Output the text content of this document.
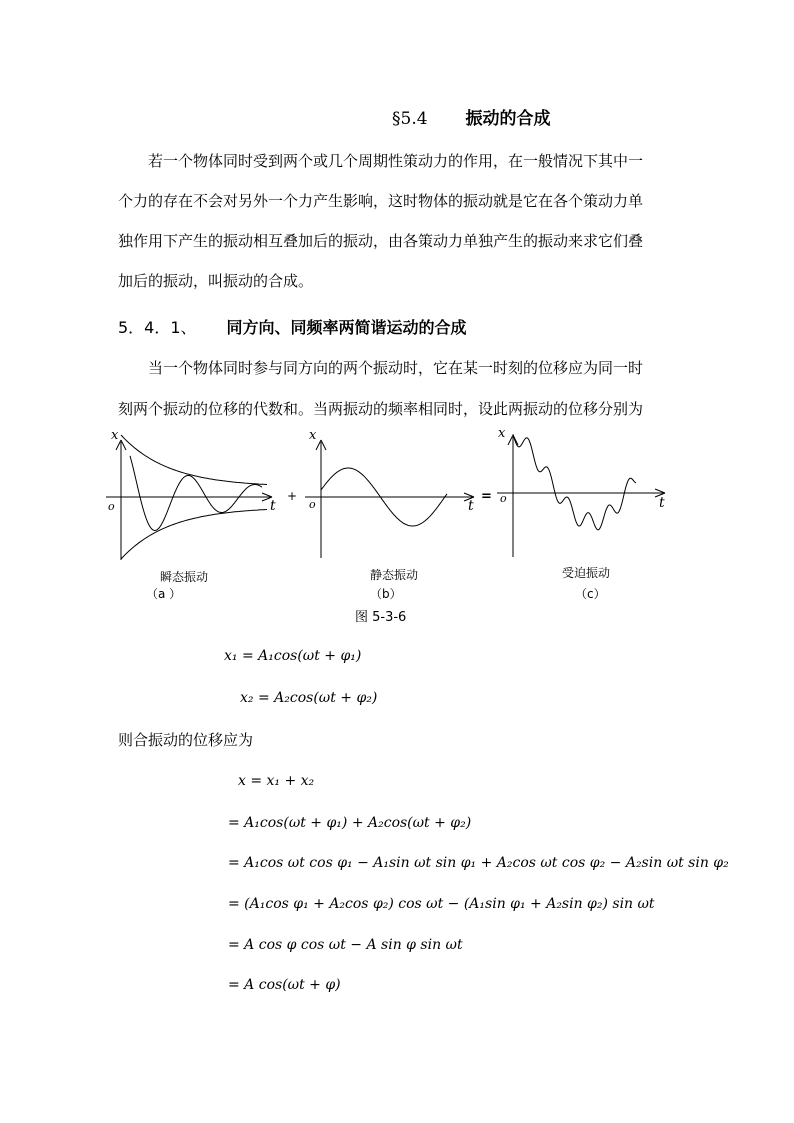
§5.4 振动的合成
若一个物体同时受到两个或几个周期性策动力的作用，在一般情况下其中一
个力的存在不会对另外一个力产生影响，这时物体的振动就是它在各个策动力单
独作用下产生的振动相互叠加后的振动，由各策动力单独产生的振动来求它们叠
加后的振动，叫振动的合成。
5．4．1、 同方向、同频率两简谐运动的合成
当一个物体同时参与同方向的两个振动时，它在某一时刻的位移应为同一时
刻两个振动的位移的代数和。当两振动的频率相同时，设此两振动的位移分别为
x
o	t
+
x
o	t
=
x
o	t
瞬态振动	静态振动	受迫振动
（a ）	（b）	（c）
图 5-3-6
x₁ = A₁cos(ωt + φ₁)
x₂ = A₂cos(ωt + φ₂)
则合振动的位移应为
x = x₁ + x₂
= A₁cos(ωt + φ₁) + A₂cos(ωt + φ₂)
= A₁cos ωt cos φ₁ − A₁sin ωt sin φ₁ + A₂cos ωt cos φ₂ − A₂sin ωt sin φ₂
= (A₁cos φ₁ + A₂cos φ₂) cos ωt − (A₁sin φ₁ + A₂sin φ₂) sin ωt
= A cos φ cos ωt − A sin φ sin ωt
= A cos(ωt + φ)
